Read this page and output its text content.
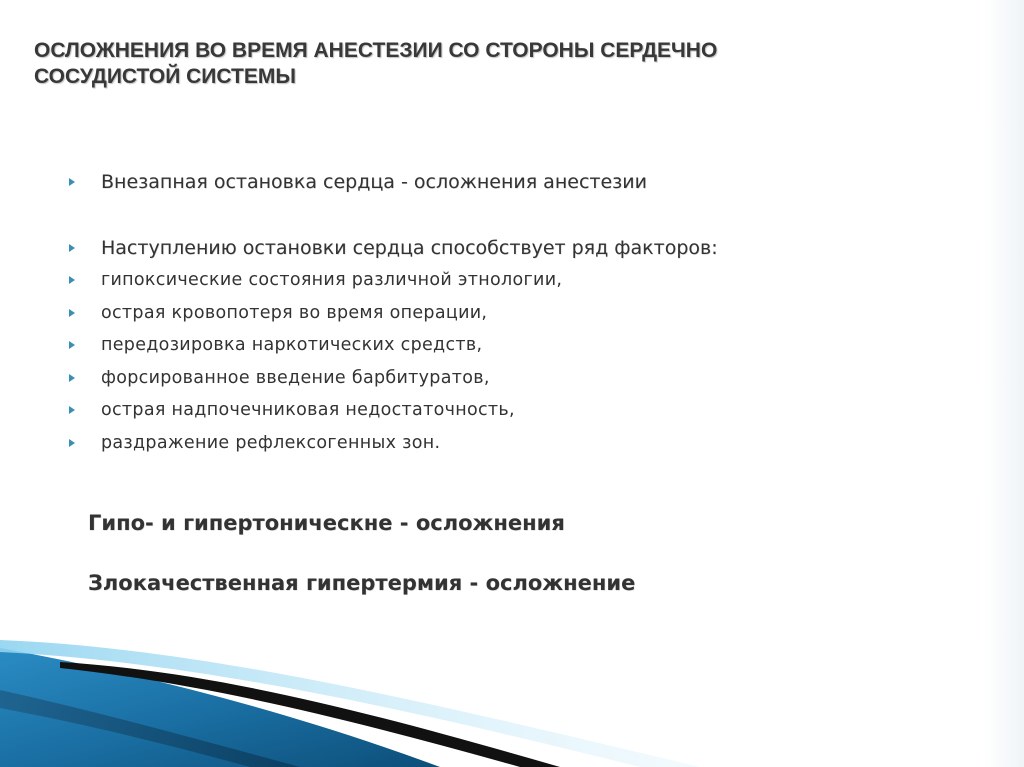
ОСЛОЖНЕНИЯ ВО ВРЕМЯ АНЕСТЕЗИИ СО СТОРОНЫ СЕРДЕЧНО СОСУДИСТОЙ СИСТЕМЫ
Внезапная остановка сердца - осложнения анестезии
Наступлению остановки сердца способствует ряд факторов:
гипоксические состояния различной этнологии,
острая кровопотеря во время операции,
передозировка наркотических средств,
форсированное введение барбитуратов,
острая надпочечниковая недостаточность,
раздражение рефлексогенных зон.
Гипо- и гипертоническне - осложнения
Злокачественная гипертермия - осложнение
